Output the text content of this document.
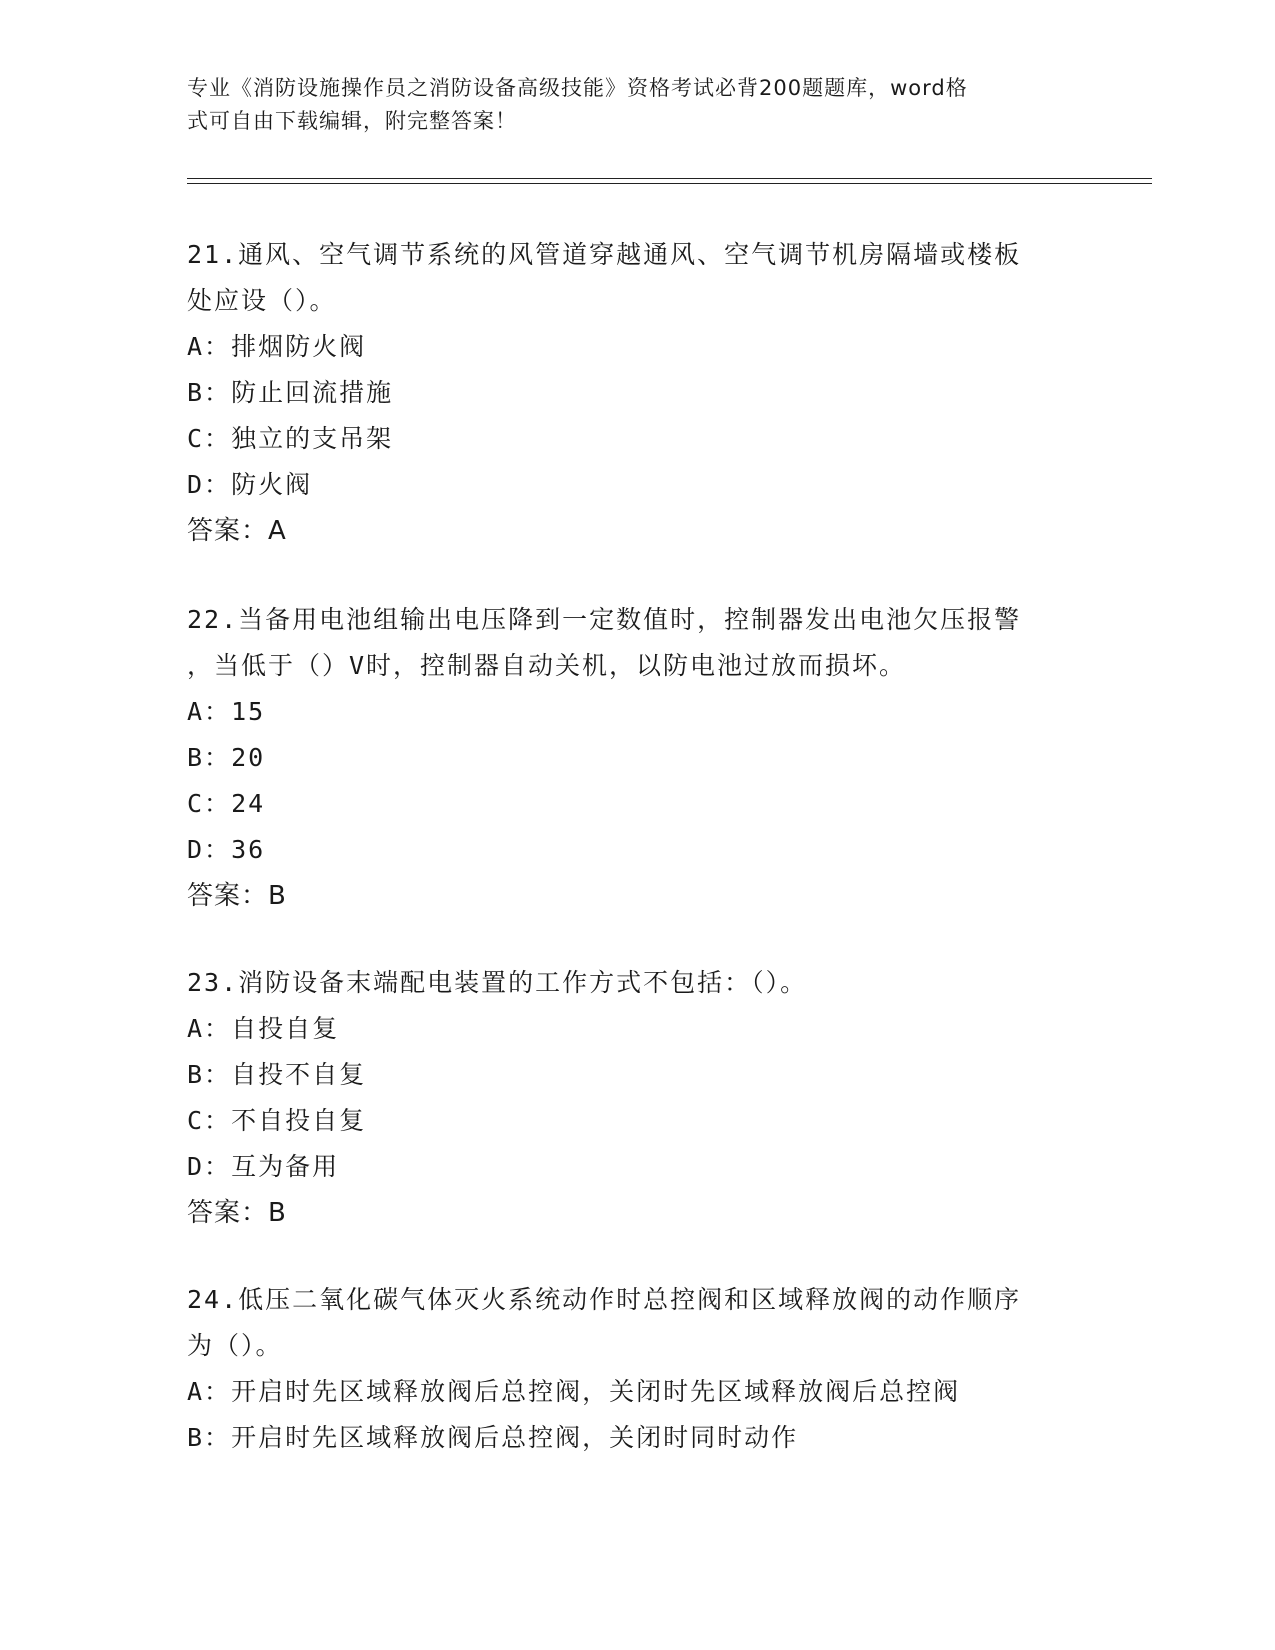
专业《消防设施操作员之消防设备高级技能》资格考试必背200题题库，word格
式可自由下载编辑，附完整答案！

21.通风、空气调节系统的风管道穿越通风、空气调节机房隔墙或楼板

处应设（）。

A：排烟防火阀

B：防止回流措施

C：独立的支吊架

D：防火阀

答案：A

22.当备用电池组输出电压降到一定数值时，控制器发出电池欠压报警

，当低于（）V时，控制器自动关机，以防电池过放而损坏。

A：15

B：20

C：24

D：36

答案：B

23.消防设备末端配电装置的工作方式不包括：（）。

A：自投自复

B：自投不自复

C：不自投自复

D：互为备用

答案：B

24.低压二氧化碳气体灭火系统动作时总控阀和区域释放阀的动作顺序

为（）。

A：开启时先区域释放阀后总控阀，关闭时先区域释放阀后总控阀

B：开启时先区域释放阀后总控阀，关闭时同时动作
